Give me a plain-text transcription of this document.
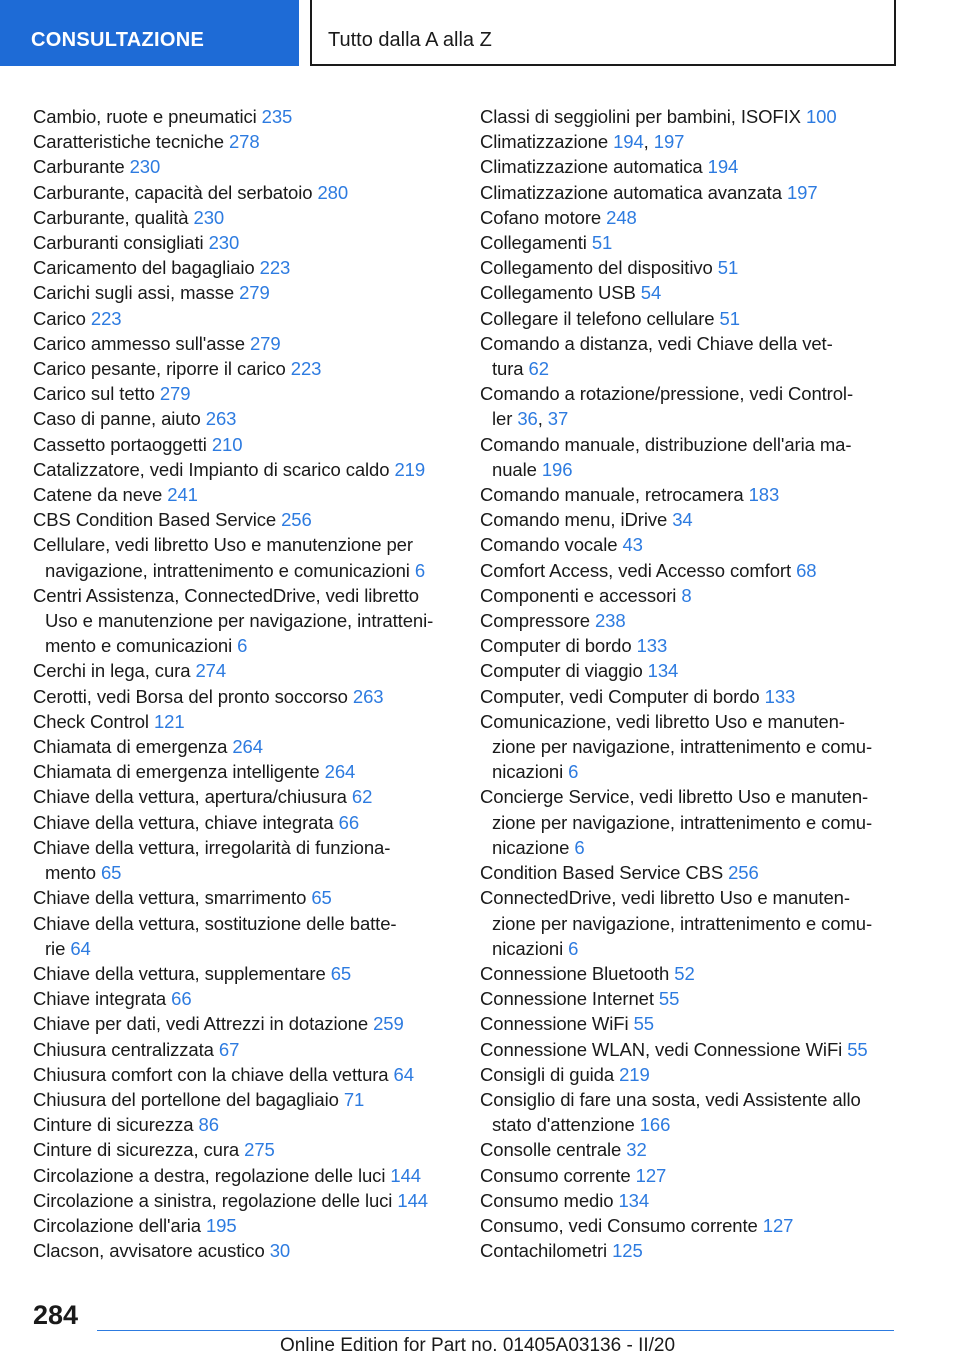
CONSULTAZIONE	Tutto dalla A alla Z
Cambio, ruote e pneumatici 235
Caratteristiche tecniche 278
Carburante 230
Carburante, capacità del serbatoio 280
Carburante, qualità 230
Carburanti consigliati 230
Caricamento del bagagliaio 223
Carichi sugli assi, masse 279
Carico 223
Carico ammesso sull'asse 279
Carico pesante, riporre il carico 223
Carico sul tetto 279
Caso di panne, aiuto 263
Cassetto portaoggetti 210
Catalizzatore, vedi Impianto di scarico caldo 219
Catene da neve 241
CBS Condition Based Service 256
Cellulare, vedi libretto Uso e manutenzione per
navigazione, intrattenimento e comunicazioni 6
Centri Assistenza, ConnectedDrive, vedi libretto
Uso e manutenzione per navigazione, intratteni-
mento e comunicazioni 6
Cerchi in lega, cura 274
Cerotti, vedi Borsa del pronto soccorso 263
Check Control 121
Chiamata di emergenza 264
Chiamata di emergenza intelligente 264
Chiave della vettura, apertura/chiusura 62
Chiave della vettura, chiave integrata 66
Chiave della vettura, irregolarità di funziona-
mento 65
Chiave della vettura, smarrimento 65
Chiave della vettura, sostituzione delle batte-
rie 64
Chiave della vettura, supplementare 65
Chiave integrata 66
Chiave per dati, vedi Attrezzi in dotazione 259
Chiusura centralizzata 67
Chiusura comfort con la chiave della vettura 64
Chiusura del portellone del bagagliaio 71
Cinture di sicurezza 86
Cinture di sicurezza, cura 275
Circolazione a destra, regolazione delle luci 144
Circolazione a sinistra, regolazione delle luci 144
Circolazione dell'aria 195
Clacson, avvisatore acustico 30
Classi di seggiolini per bambini, ISOFIX 100
Climatizzazione 194, 197
Climatizzazione automatica 194
Climatizzazione automatica avanzata 197
Cofano motore 248
Collegamenti 51
Collegamento del dispositivo 51
Collegamento USB 54
Collegare il telefono cellulare 51
Comando a distanza, vedi Chiave della vet-
tura 62
Comando a rotazione/pressione, vedi Control-
ler 36, 37
Comando manuale, distribuzione dell'aria ma-
nuale 196
Comando manuale, retrocamera 183
Comando menu, iDrive 34
Comando vocale 43
Comfort Access, vedi Accesso comfort 68
Componenti e accessori 8
Compressore 238
Computer di bordo 133
Computer di viaggio 134
Computer, vedi Computer di bordo 133
Comunicazione, vedi libretto Uso e manuten-
zione per navigazione, intrattenimento e comu-
nicazioni 6
Concierge Service, vedi libretto Uso e manuten-
zione per navigazione, intrattenimento e comu-
nicazione 6
Condition Based Service CBS 256
ConnectedDrive, vedi libretto Uso e manuten-
zione per navigazione, intrattenimento e comu-
nicazioni 6
Connessione Bluetooth 52
Connessione Internet 55
Connessione WiFi 55
Connessione WLAN, vedi Connessione WiFi 55
Consigli di guida 219
Consiglio di fare una sosta, vedi Assistente allo
stato d'attenzione 166
Consolle centrale 32
Consumo corrente 127
Consumo medio 134
Consumo, vedi Consumo corrente 127
Contachilometri 125
284
Online Edition for Part no. 01405A03136 - II/20
